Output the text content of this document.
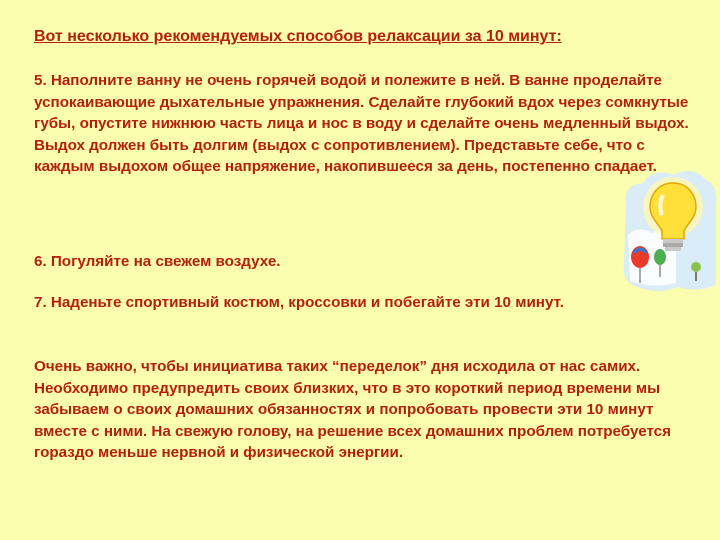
Вот несколько рекомендуемых способов релаксации за 10 минут:

5. Наполните ванну не очень горячей водой и полежите в ней. В ванне проделайте успокаивающие дыхательные упражнения. Сделайте глубокий вдох через сомкнутые губы, опустите нижнюю часть лица и нос в воду и сделайте очень медленный выдох. Выдох должен быть долгим (выдох с сопротивлением). Представьте себе, что с каждым выдохом общее напряжение, накопившееся за день, постепенно спадает.

6. Погуляйте на свежем воздухе.

7. Наденьте спортивный костюм, кроссовки и побегайте эти 10 минут.

Очень важно, чтобы инициатива таких “переделок” дня исходила от нас самих. Необходимо предупредить своих близких, что в это короткий период времени мы забываем о своих домашних обязанностях и попробовать провести эти 10 минут вместе с ними. На свежую голову, на решение всех домашних проблем потребуется гораздо меньше нервной и физической энергии.
